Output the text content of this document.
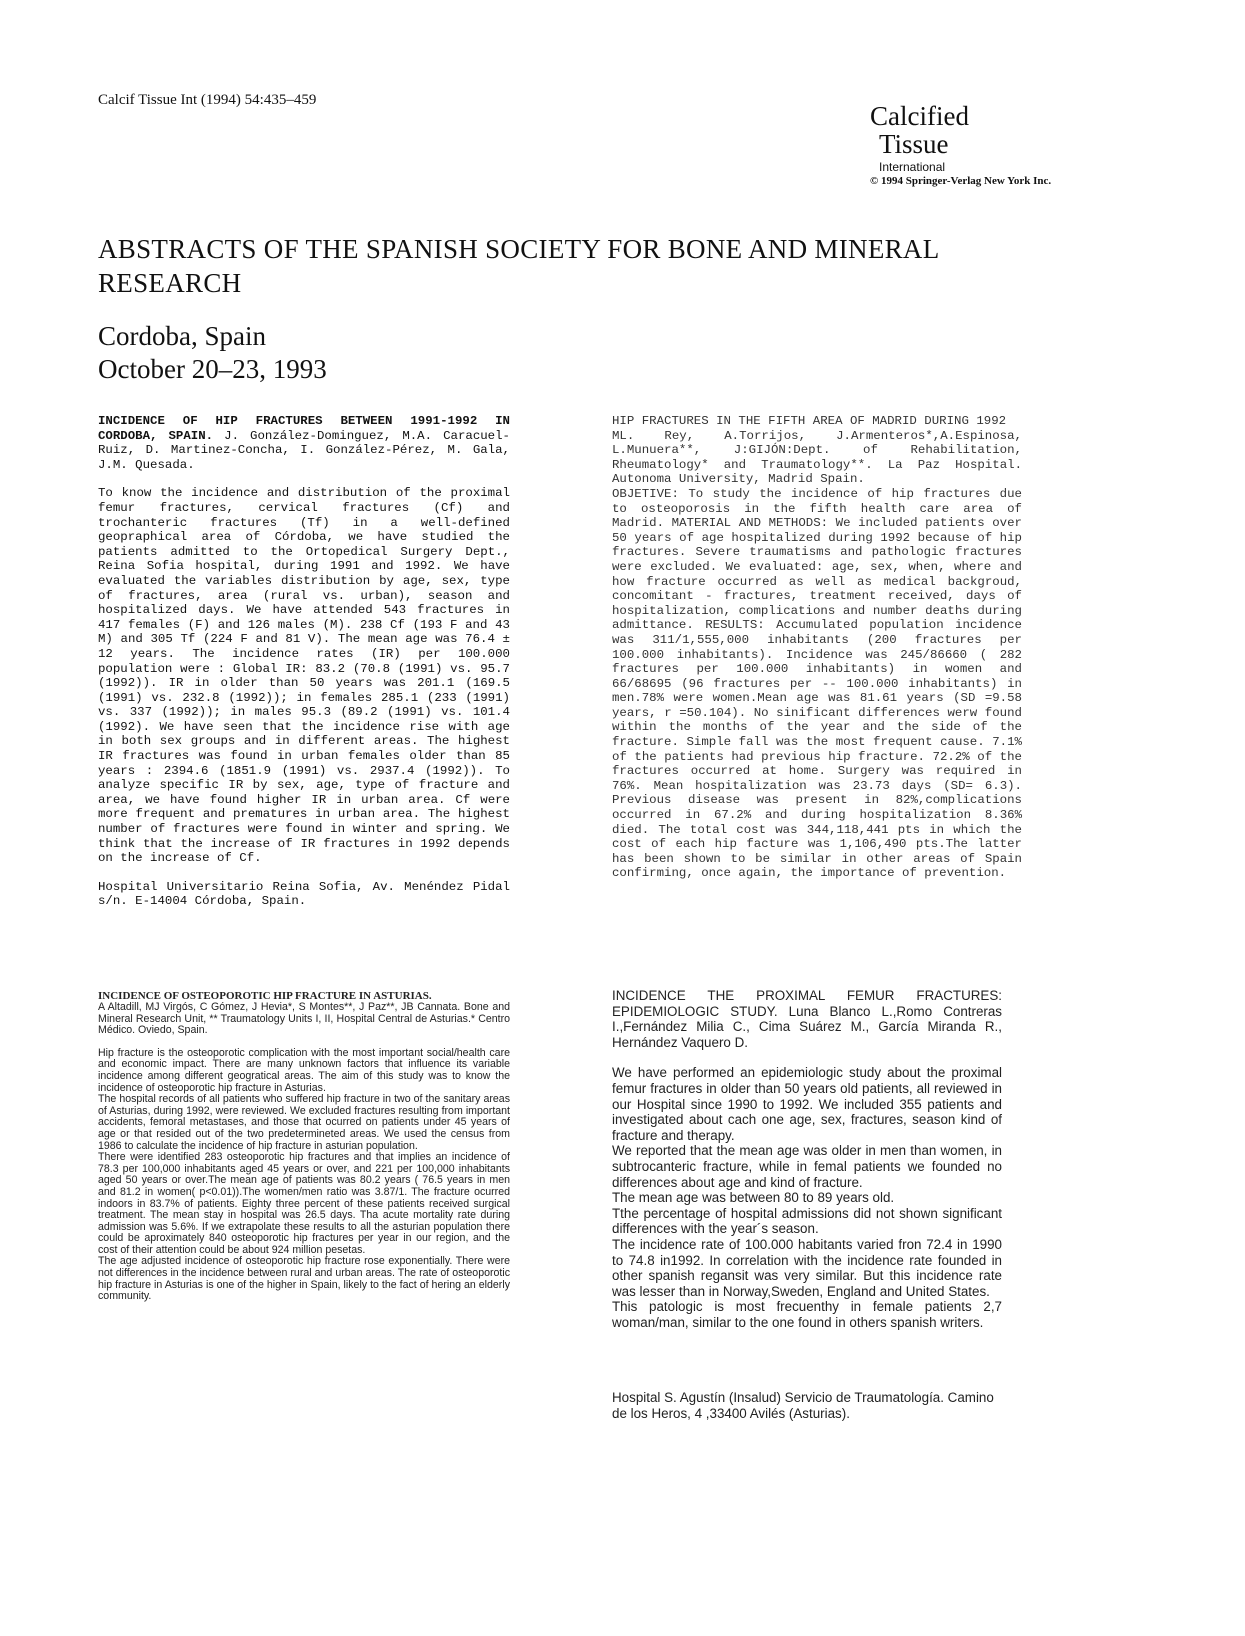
Calcif Tissue Int (1994) 54:435–459
Calcified
Tissue
International
© 1994 Springer-Verlag New York Inc.
ABSTRACTS OF THE SPANISH SOCIETY FOR BONE AND MINERAL RESEARCH
Cordoba, Spain
October 20–23, 1993

INCIDENCE OF HIP FRACTURES BETWEEN 1991-1992 IN CORDOBA, SPAIN. J. González-Dominguez, M.A. Caracuel-Ruiz, D. Martinez-Concha, I. González-Pérez, M. Gala, J.M. Quesada.

To know the incidence and distribution of the proximal femur fractures, cervical fractures (Cf) and trochanteric fractures (Tf) in a well-defined geopraphical area of Córdoba, we have studied the patients admitted to the Ortopedical Surgery Dept., Reina Sofia hospital, during 1991 and 1992. We have evaluated the variables distribution by age, sex, type of fractures, area (rural vs. urban), season and hospitalized days. We have attended 543 fractures in 417 females (F) and 126 males (M). 238 Cf (193 F and 43 M) and 305 Tf (224 F and 81 V). The mean age was 76.4 ± 12 years. The incidence rates (IR) per 100.000 population were : Global IR: 83.2 (70.8 (1991) vs. 95.7 (1992)). IR in older than 50 years was 201.1 (169.5 (1991) vs. 232.8 (1992)); in females 285.1 (233 (1991) vs. 337 (1992)); in males 95.3 (89.2 (1991) vs. 101.4 (1992). We have seen that the incidence rise with age in both sex groups and in different areas. The highest IR fractures was found in urban females older than 85 years : 2394.6 (1851.9 (1991) vs. 2937.4 (1992)). To analyze specific IR by sex, age, type of fracture and area, we have found higher IR in urban area. Cf were more frequent and prematures in urban area. The highest number of fractures were found in winter and spring. We think that the increase of IR fractures in 1992 depends on the increase of Cf.

Hospital Universitario Reina Sofia, Av. Menéndez Pidal s/n. E-14004 Córdoba, Spain.

HIP FRACTURES IN THE FIFTH AREA OF MADRID DURING 1992

ML. Rey, A.Torrijos, J.Armenteros*,A.Espinosa, L.Munuera**, J:GIJÓN:Dept. of Rehabilitation, Rheumatology* and Traumatology**. La Paz Hospital. Autonoma University, Madrid Spain.

OBJETIVE: To study the incidence of hip fractures due to osteoporosis in the fifth health care area of Madrid. MATERIAL AND METHODS: We included patients over 50 years of age hospitalized during 1992 because of hip fractures. Severe traumatisms and pathologic fractures were excluded. We evaluated: age, sex, when, where and how fracture occurred as well as medical backgroud, concomitant - fractures, treatment received, days of hospitalization, complications and number deaths during admittance. RESULTS: Accumulated population incidence was 311/1,555,000 inhabitants (200 fractures per 100.000 inhabitants). Incidence was 245/86660 ( 282 fractures per 100.000 inhabitants) in women and 66/68695 (96 fractures per -- 100.000 inhabitants) in men.78% were women.Mean age was 81.61 years (SD =9.58 years, r =50.104). No sinificant differences werw found within the months of the year and the side of the fracture. Simple fall was the most frequent cause. 7.1% of the patients had previous hip fracture. 72.2% of the fractures occurred at home. Surgery was required in 76%. Mean hospitalization was 23.73 days (SD= 6.3). Previous disease was present in 82%,complications occurred in 67.2% and during hospitalization 8.36% died. The total cost was 344,118,441 pts in which the cost of each hip facture was 1,106,490 pts.The latter has been shown to be similar in other areas of Spain confirming, once again, the importance of prevention.

INCIDENCE OF OSTEOPOROTIC HIP FRACTURE IN ASTURIAS.
A Altadill, MJ Virgós, C Gómez, J Hevia*, S Montes**, J Paz**, JB Cannata. Bone and Mineral Research Unit, ** Traumatology Units I, II, Hospital Central de Asturias.* Centro Médico. Oviedo, Spain.

Hip fracture is the osteoporotic complication with the most important social/health care and economic impact. There are many unknown factors that influence its variable incidence among different geogratical areas. The aim of this study was to know the incidence of osteoporotic hip fracture in Asturias.

The hospital records of all patients who suffered hip fracture in two of the sanitary areas of Asturias, during 1992, were reviewed. We excluded fractures resulting from important accidents, femoral metastases, and those that ocurred on patients under 45 years of age or that resided out of the two predetermineted areas. We used the census from 1986 to calculate the incidence of hip fracture in asturian population.

There were identified 283 osteoporotic hip fractures and that implies an incidence of 78.3 per 100,000 inhabitants aged 45 years or over, and 221 per 100,000 inhabitants aged 50 years or over.The mean age of patients was 80.2 years ( 76.5 years in men and 81.2 in women( p<0.01)).The women/men ratio was 3.87/1. The fracture ocurred indoors in 83.7% of patients. Eighty three percent of these patients received surgical treatment. The mean stay in hospital was 26.5 days. Tha acute mortality rate during admission was 5.6%. If we extrapolate these results to all the asturian population there could be aproximately 840 osteoporotic hip fractures per year in our region, and the cost of their attention could be about 924 million pesetas.

The age adjusted incidence of osteoporotic hip fracture rose exponentially. There were not differences in the incidence between rural and urban areas. The rate of osteoporotic hip fracture in Asturias is one of the higher in Spain, likely to the fact of hering an elderly community.

INCIDENCE THE PROXIMAL FEMUR FRACTURES: EPIDEMIOLOGIC STUDY. Luna Blanco L.,Romo Contreras I.,Fernández Milia C., Cima Suárez M., García Miranda R., Hernández Vaquero D.

We have performed an epidemiologic study about the proximal femur fractures in older than 50 years old patients, all reviewed in our Hospital since 1990 to 1992. We included 355 patients and investigated about cach one age, sex, fractures, season kind of fracture and therapy.

We reported that the mean age was older in men than women, in subtrocanteric fracture, while in femal patients we founded no differences about age and kind of fracture.

The mean age was between 80 to 89 years old.

Tthe percentage of hospital admissions did not shown significant differences with the year´s season.

The incidence rate of 100.000 habitants varied fron 72.4 in 1990 to 74.8 in1992. In correlation with the incidence rate founded in other spanish regansit was very similar. But this incidence rate was lesser than in Norway,Sweden, England and United States.

This patologic is most frecuenthy in female patients 2,7 woman/man, similar to the one found in others spanish writers.

Hospital S. Agustín (Insalud) Servicio de Traumatología. Camino de los Heros, 4 ,33400 Avilés (Asturias).
